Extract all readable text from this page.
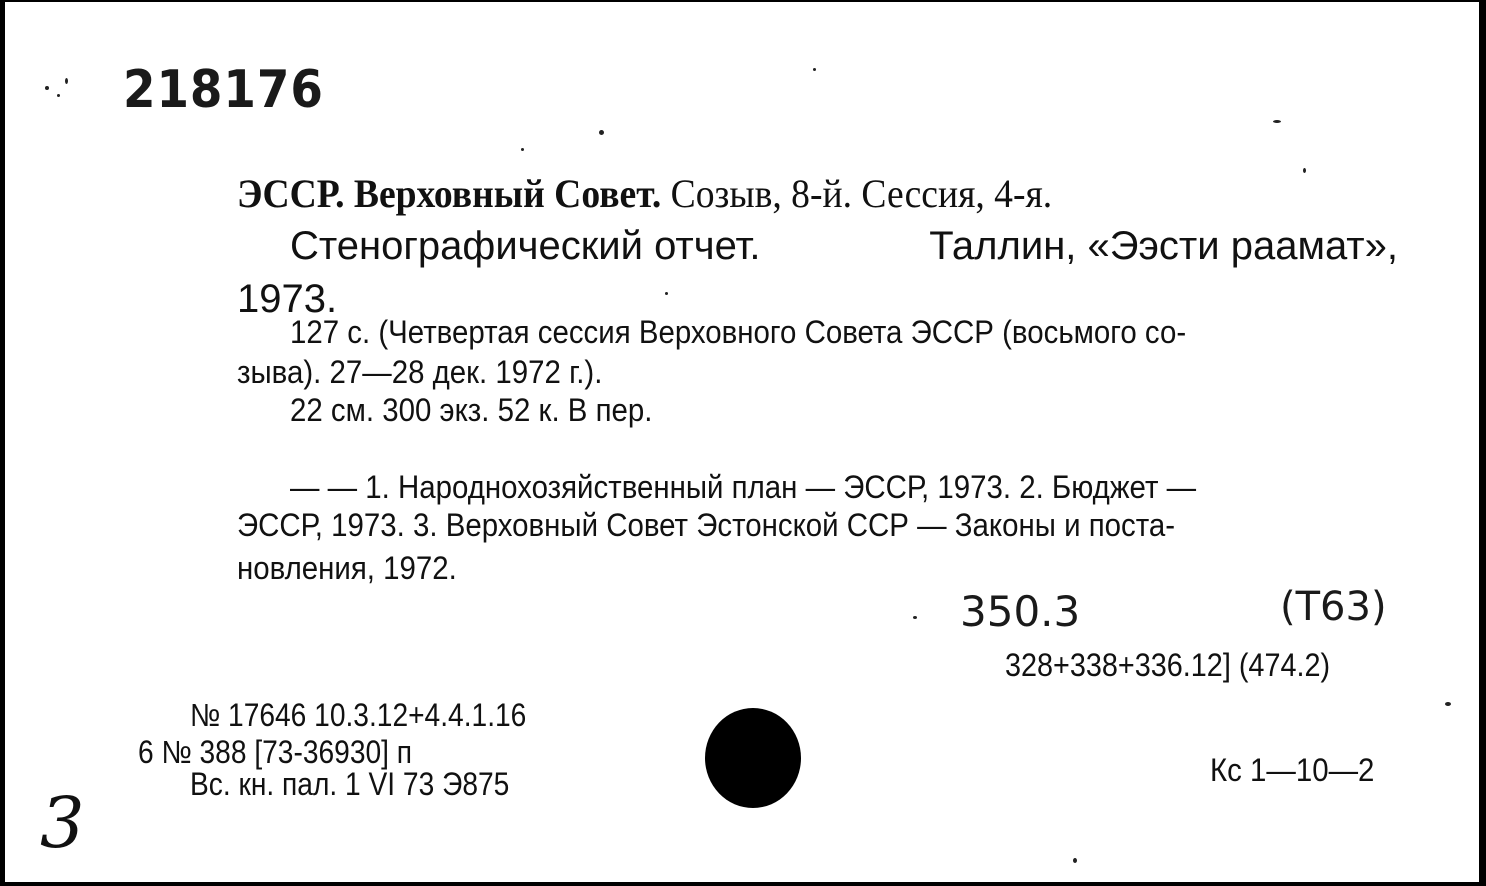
218176
ЭССР. Верховный Совет. Созыв, 8-й. Сессия, 4-я.
Стенографический отчет.	Таллин, «Ээсти раамат»,
1973.
127 с. (Четвертая сессия Верховного Совета ЭССР (восьмого со-
зыва). 27—28 дек. 1972 г.).
22 см. 300 экз. 52 к. В пер.
— — 1. Народнохозяйственный план — ЭССР, 1973. 2. Бюджет —
ЭССР, 1973. 3. Верховный Совет Эстонской ССР — Законы и поста-
новления, 1972.
350.3	(Т63)
328+338+336.12] (474.2)
№ 17646 10.3.12+4.4.1.16
6 № 388 [73-36930] п
Вс. кн. пал. 1 VI 73 Э875	Кс 1—10—2
3
